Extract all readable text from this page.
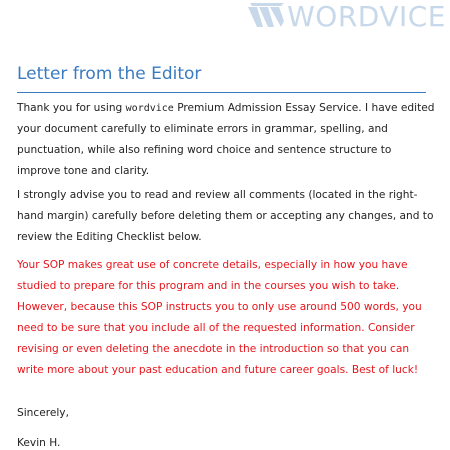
WORDVICE
Letter from the Editor

Thank you for using wordvice Premium Admission Essay Service. I have edited your document carefully to eliminate errors in grammar, spelling, and punctuation, while also refining word choice and sentence structure to improve tone and clarity.

I strongly advise you to read and review all comments (located in the right-hand margin) carefully before deleting them or accepting any changes, and to review the Editing Checklist below.

Your SOP makes great use of concrete details, especially in how you have studied to prepare for this program and in the courses you wish to take. However, because this SOP instructs you to only use around 500 words, you need to be sure that you include all of the requested information. Consider revising or even deleting the anecdote in the introduction so that you can write more about your past education and future career goals. Best of luck!

Sincerely,

Kevin H.
